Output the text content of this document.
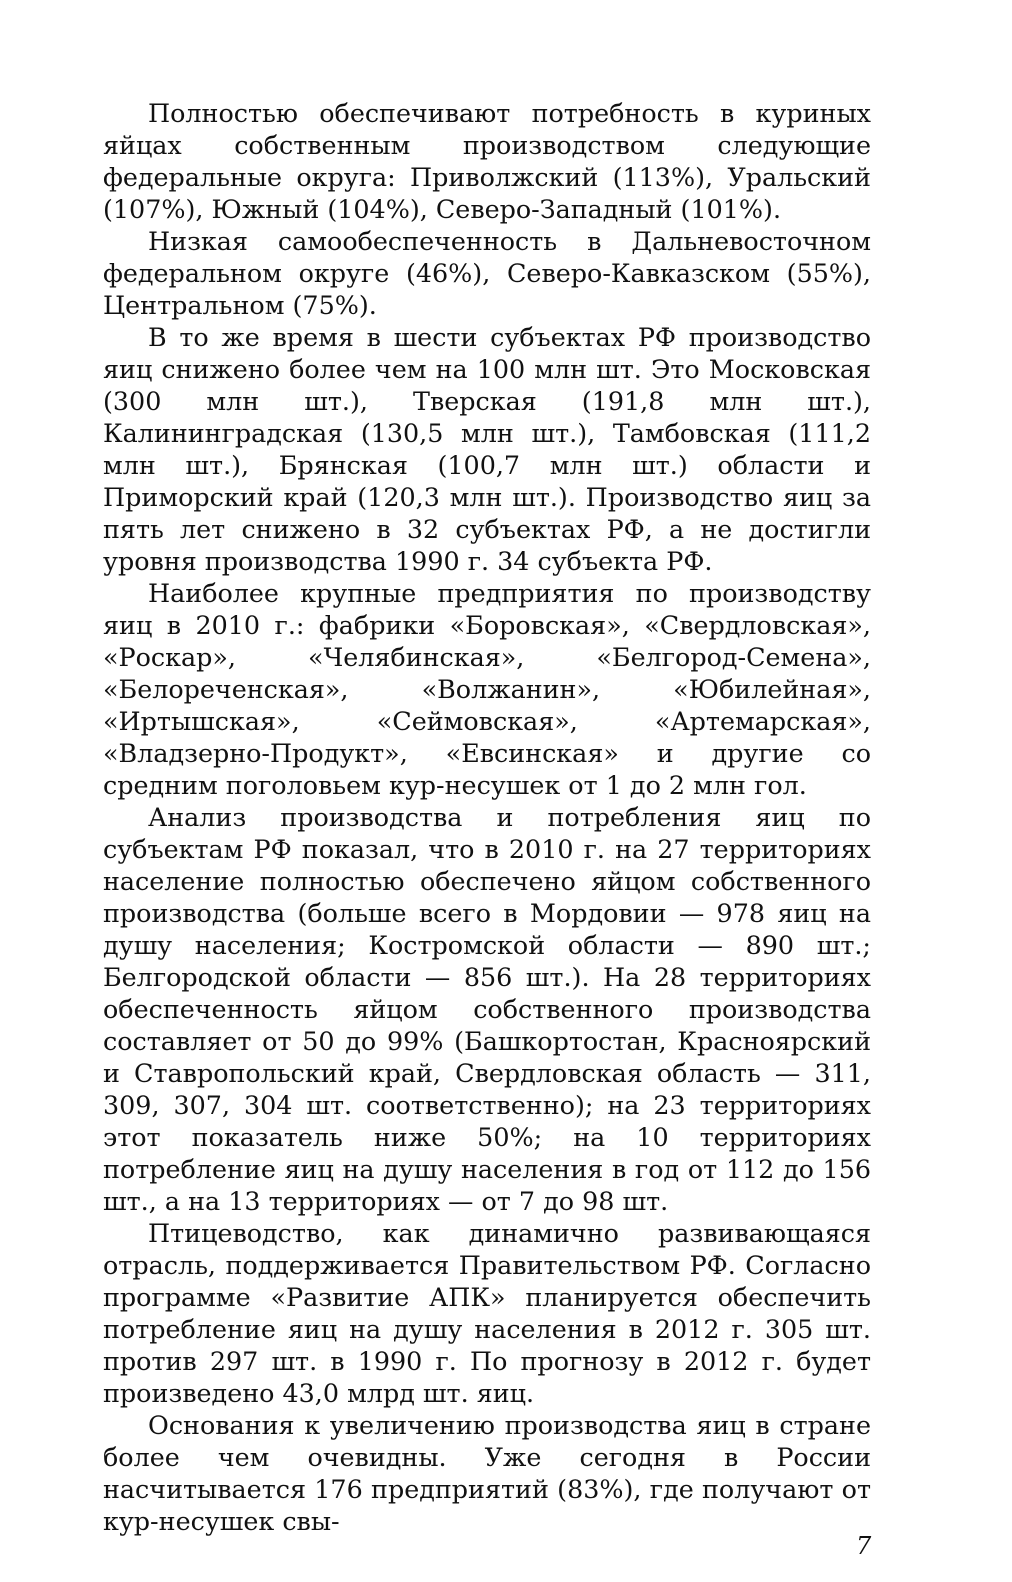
Полностью обеспечивают потребность в куриных яйцах собственным производством следующие федеральные округа: Приволжский (113%), Уральский (107%), Южный (104%), Северо-Западный (101%).

Низкая самообеспеченность в Дальневосточном федеральном округе (46%), Северо-Кавказском (55%), Центральном (75%).

В то же время в шести субъектах РФ производство яиц снижено более чем на 100 млн шт. Это Московская (300 млн шт.), Тверская (191,8 млн шт.), Калининградская (130,5 млн шт.), Тамбовская (111,2 млн шт.), Брянская (100,7 млн шт.) области и Приморский край (120,3 млн шт.). Производство яиц за пять лет снижено в 32 субъектах РФ, а не достигли уровня производства 1990 г. 34 субъекта РФ.

Наиболее крупные предприятия по производству яиц в 2010 г.: фабрики «Боровская», «Свердловская», «Роскар», «Челябинская», «Белгород-Семена», «Белореченская», «Волжанин», «Юбилейная», «Иртышская», «Сеймовская», «Артемарская», «Владзерно-Продукт», «Евсинская» и другие со средним поголовьем кур-несушек от 1 до 2 млн гол.

Анализ производства и потребления яиц по субъектам РФ показал, что в 2010 г. на 27 территориях население полностью обеспечено яйцом собственного производства (больше всего в Мордовии — 978 яиц на душу населения; Костромской области — 890 шт.; Белгородской области — 856 шт.). На 28 территориях обеспеченность яйцом собственного производства составляет от 50 до 99% (Башкортостан, Красноярский и Ставропольский край, Свердловская область — 311, 309, 307, 304 шт. соответственно); на 23 территориях этот показатель ниже 50%; на 10 территориях потребление яиц на душу населения в год от 112 до 156 шт., а на 13 территориях — от 7 до 98 шт.

Птицеводство, как динамично развивающаяся отрасль, поддерживается Правительством РФ. Согласно программе «Развитие АПК» планируется обеспечить потребление яиц на душу населения в 2012 г. 305 шт. против 297 шт. в 1990 г. По прогнозу в 2012 г. будет произведено 43,0 млрд шт. яиц.

Основания к увеличению производства яиц в стране более чем очевидны. Уже сегодня в России насчитывается 176 предприятий (83%), где получают от кур-несушек свы-

7
